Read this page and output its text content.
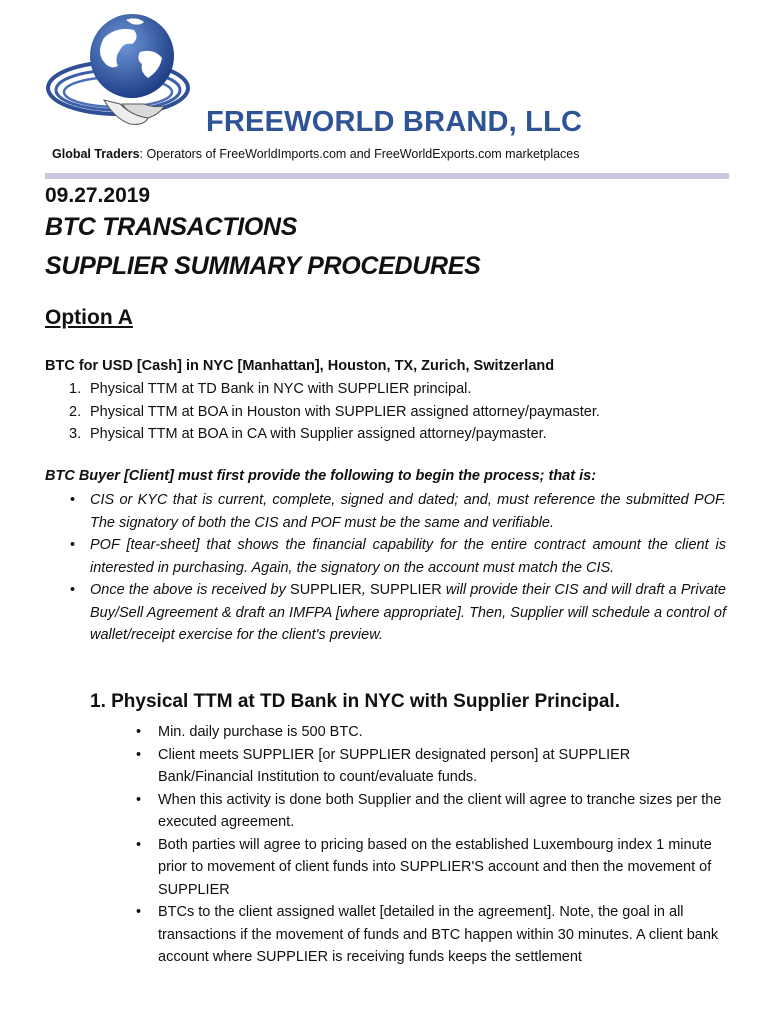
FREEWORLD BRAND, LLC
Global Traders: Operators of FreeWorldImports.com and FreeWorldExports.com marketplaces
09.27.2019
BTC TRANSACTIONS
SUPPLIER SUMMARY PROCEDURES
Option A
BTC for USD [Cash] in NYC [Manhattan], Houston, TX, Zurich, Switzerland
1. Physical TTM at TD Bank in NYC with SUPPLIER principal.
2. Physical TTM at BOA in Houston with SUPPLIER assigned attorney/paymaster.
3. Physical TTM at BOA in CA with Supplier assigned attorney/paymaster.
BTC Buyer [Client] must first provide the following to begin the process; that is:
• CIS or KYC that is current, complete, signed and dated; and, must reference the submitted POF. The signatory of both the CIS and POF must be the same and verifiable.
• POF [tear-sheet] that shows the financial capability for the entire contract amount the client is interested in purchasing. Again, the signatory on the account must match the CIS.
• Once the above is received by SUPPLIER, SUPPLIER will provide their CIS and will draft a Private Buy/Sell Agreement & draft an IMFPA [where appropriate]. Then, Supplier will schedule a control of wallet/receipt exercise for the client's preview.
1. Physical TTM at TD Bank in NYC with Supplier Principal.
• Min. daily purchase is 500 BTC.
• Client meets SUPPLIER [or SUPPLIER designated person] at SUPPLIER Bank/Financial Institution to count/evaluate funds.
• When this activity is done both Supplier and the client will agree to tranche sizes per the executed agreement.
• Both parties will agree to pricing based on the established Luxembourg index 1 minute prior to movement of client funds into SUPPLIER'S account and then the movement of SUPPLIER
• BTCs to the client assigned wallet [detailed in the agreement]. Note, the goal in all transactions if the movement of funds and BTC happen within 30 minutes. A client bank account where SUPPLIER is receiving funds keeps the settlement
